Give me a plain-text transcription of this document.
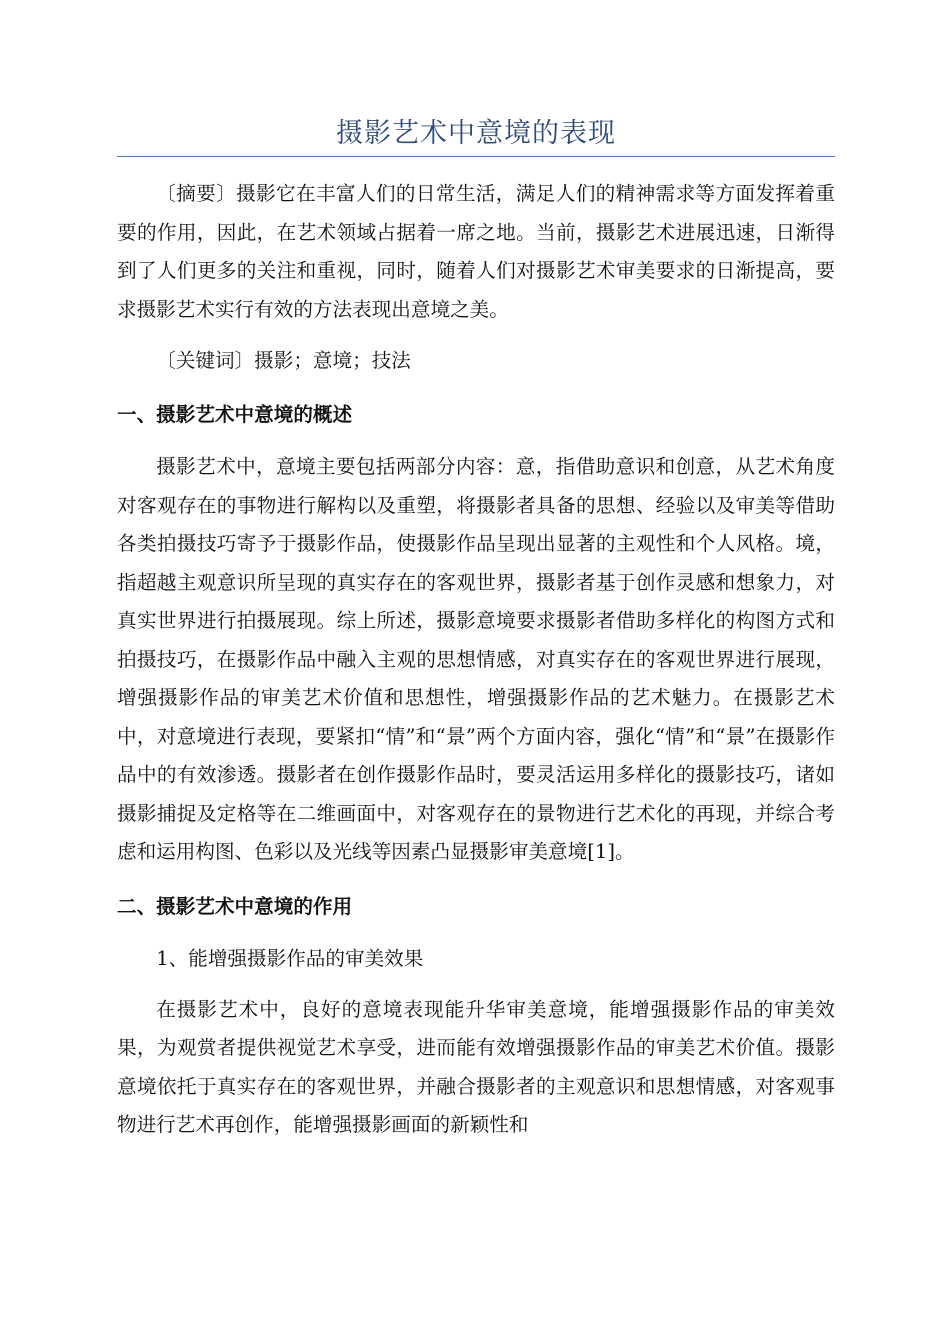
摄影艺术中意境的表现

〔摘要〕摄影它在丰富人们的日常生活，满足人们的精神需求等方面发挥着重要的作用，因此，在艺术领域占据着一席之地。当前，摄影艺术进展迅速，日渐得到了人们更多的关注和重视，同时，随着人们对摄影艺术审美要求的日渐提高，要求摄影艺术实行有效的方法表现出意境之美。

〔关键词〕摄影；意境；技法

一、摄影艺术中意境的概述

摄影艺术中，意境主要包括两部分内容：意，指借助意识和创意，从艺术角度对客观存在的事物进行解构以及重塑，将摄影者具备的思想、经验以及审美等借助各类拍摄技巧寄予于摄影作品，使摄影作品呈现出显著的主观性和个人风格。境，指超越主观意识所呈现的真实存在的客观世界，摄影者基于创作灵感和想象力，对真实世界进行拍摄展现。综上所述，摄影意境要求摄影者借助多样化的构图方式和拍摄技巧，在摄影作品中融入主观的思想情感，对真实存在的客观世界进行展现，增强摄影作品的审美艺术价值和思想性，增强摄影作品的艺术魅力。在摄影艺术中，对意境进行表现，要紧扣“情”和“景”两个方面内容，强化“情”和“景”在摄影作品中的有效渗透。摄影者在创作摄影作品时，要灵活运用多样化的摄影技巧，诸如摄影捕捉及定格等在二维画面中，对客观存在的景物进行艺术化的再现，并综合考虑和运用构图、色彩以及光线等因素凸显摄影审美意境[1]。

二、摄影艺术中意境的作用

1、能增强摄影作品的审美效果

在摄影艺术中，良好的意境表现能升华审美意境，能增强摄影作品的审美效果，为观赏者提供视觉艺术享受，进而能有效增强摄影作品的审美艺术价值。摄影意境依托于真实存在的客观世界，并融合摄影者的主观意识和思想情感，对客观事物进行艺术再创作，能增强摄影画面的新颖性和
